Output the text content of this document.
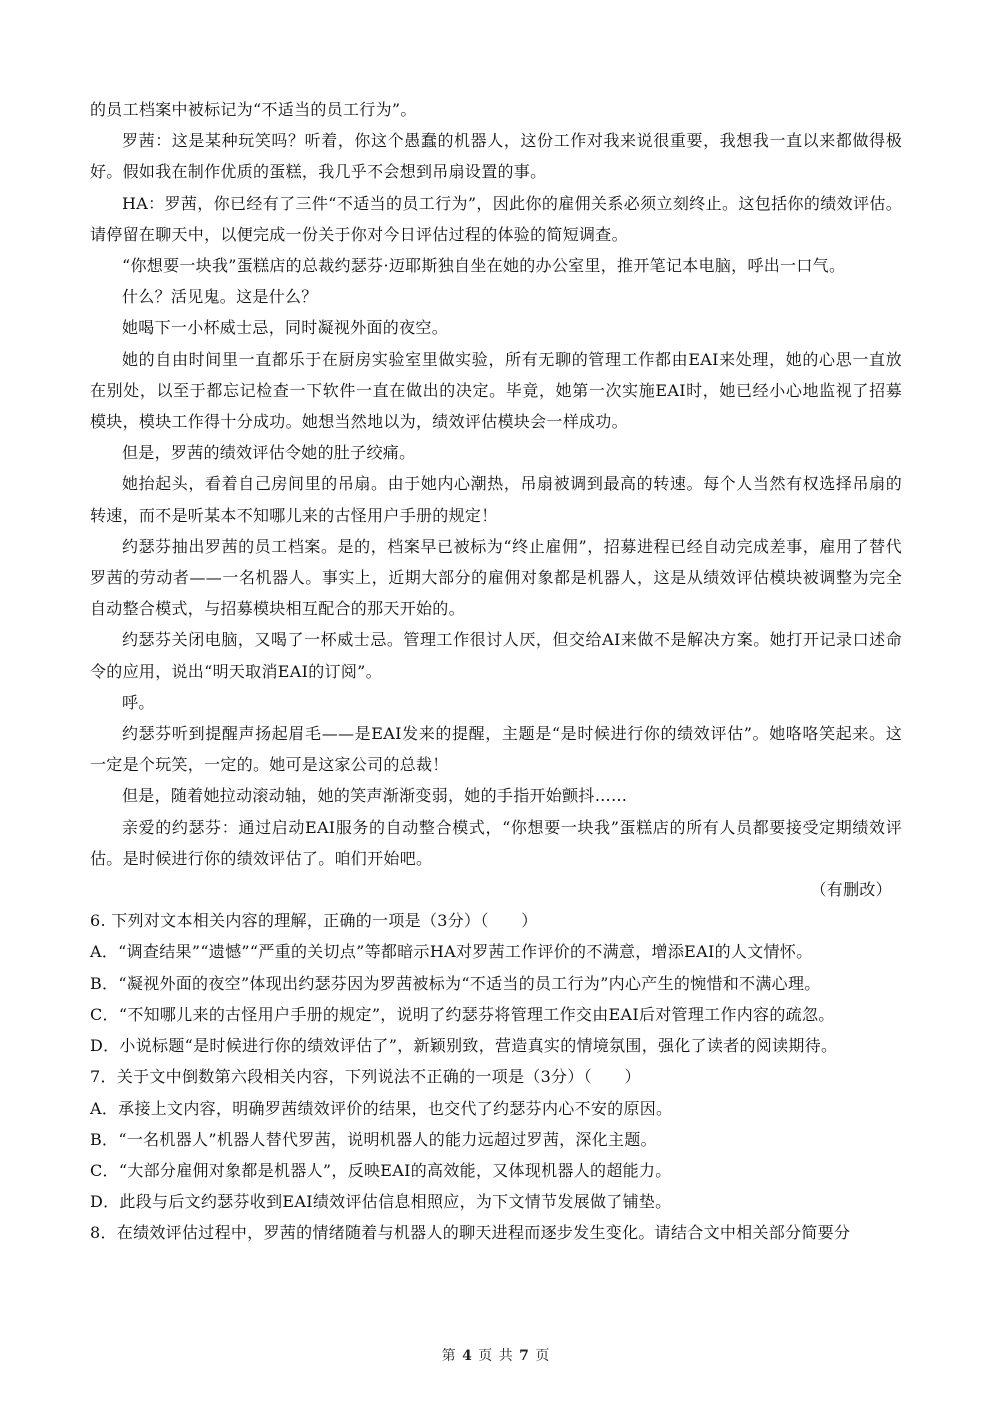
的员工档案中被标记为“不适当的员工行为”。

罗茜：这是某种玩笑吗？听着，你这个愚蠢的机器人，这份工作对我来说很重要，我想我一直以来都做得极好。假如我在制作优质的蛋糕，我几乎不会想到吊扇设置的事。

HA：罗茜，你已经有了三件“不适当的员工行为”，因此你的雇佣关系必须立刻终止。这包括你的绩效评估。请停留在聊天中，以便完成一份关于你对今日评估过程的体验的简短调查。

“你想要一块我”蛋糕店的总裁约瑟芬·迈耶斯独自坐在她的办公室里，推开笔记本电脑，呼出一口气。

什么？活见鬼。这是什么？

她喝下一小杯威士忌，同时凝视外面的夜空。

她的自由时间里一直都乐于在厨房实验室里做实验，所有无聊的管理工作都由EAI来处理，她的心思一直放在别处，以至于都忘记检查一下软件一直在做出的决定。毕竟，她第一次实施EAI时，她已经小心地监视了招募模块，模块工作得十分成功。她想当然地以为，绩效评估模块会一样成功。

但是，罗茜的绩效评估令她的肚子绞痛。

她抬起头，看着自己房间里的吊扇。由于她内心潮热，吊扇被调到最高的转速。每个人当然有权选择吊扇的转速，而不是听某本不知哪儿来的古怪用户手册的规定！

约瑟芬抽出罗茜的员工档案。是的，档案早已被标为“终止雇佣”，招募进程已经自动完成差事，雇用了替代罗茜的劳动者——一名机器人。事实上，近期大部分的雇佣对象都是机器人，这是从绩效评估模块被调整为完全自动整合模式，与招募模块相互配合的那天开始的。

约瑟芬关闭电脑，又喝了一杯威士忌。管理工作很讨人厌，但交给AI来做不是解决方案。她打开记录口述命令的应用，说出“明天取消EAI的订阅”。

呼。

约瑟芬听到提醒声扬起眉毛——是EAI发来的提醒，主题是“是时候进行你的绩效评估”。她咯咯笑起来。这一定是个玩笑，一定的。她可是这家公司的总裁！

但是，随着她拉动滚动轴，她的笑声渐渐变弱，她的手指开始颤抖……

亲爱的约瑟芬：通过启动EAI服务的自动整合模式，“你想要一块我”蛋糕店的所有人员都要接受定期绩效评估。是时候进行你的绩效评估了。咱们开始吧。

（有删改）

6. 下列对文本相关内容的理解，正确的一项是（3分）（　　）

A．“调查结果”“遗憾”“严重的关切点”等都暗示HA对罗茜工作评价的不满意，增添EAI的人文情怀。

B．“凝视外面的夜空”体现出约瑟芬因为罗茜被标为“不适当的员工行为”内心产生的惋惜和不满心理。

C．“不知哪儿来的古怪用户手册的规定”，说明了约瑟芬将管理工作交由EAI后对管理工作内容的疏忽。

D．小说标题“是时候进行你的绩效评估了”，新颖别致，营造真实的情境氛围，强化了读者的阅读期待。

7．关于文中倒数第六段相关内容，下列说法不正确的一项是（3分）（　　）

A．承接上文内容，明确罗茜绩效评价的结果，也交代了约瑟芬内心不安的原因。

B．“一名机器人”机器人替代罗茜，说明机器人的能力远超过罗茜，深化主题。

C．“大部分雇佣对象都是机器人”，反映EAI的高效能，又体现机器人的超能力。

D．此段与后文约瑟芬收到EAI绩效评估信息相照应，为下文情节发展做了铺垫。

8．在绩效评估过程中，罗茜的情绪随着与机器人的聊天进程而逐步发生变化。请结合文中相关部分简要分

第 4 页 共 7 页
